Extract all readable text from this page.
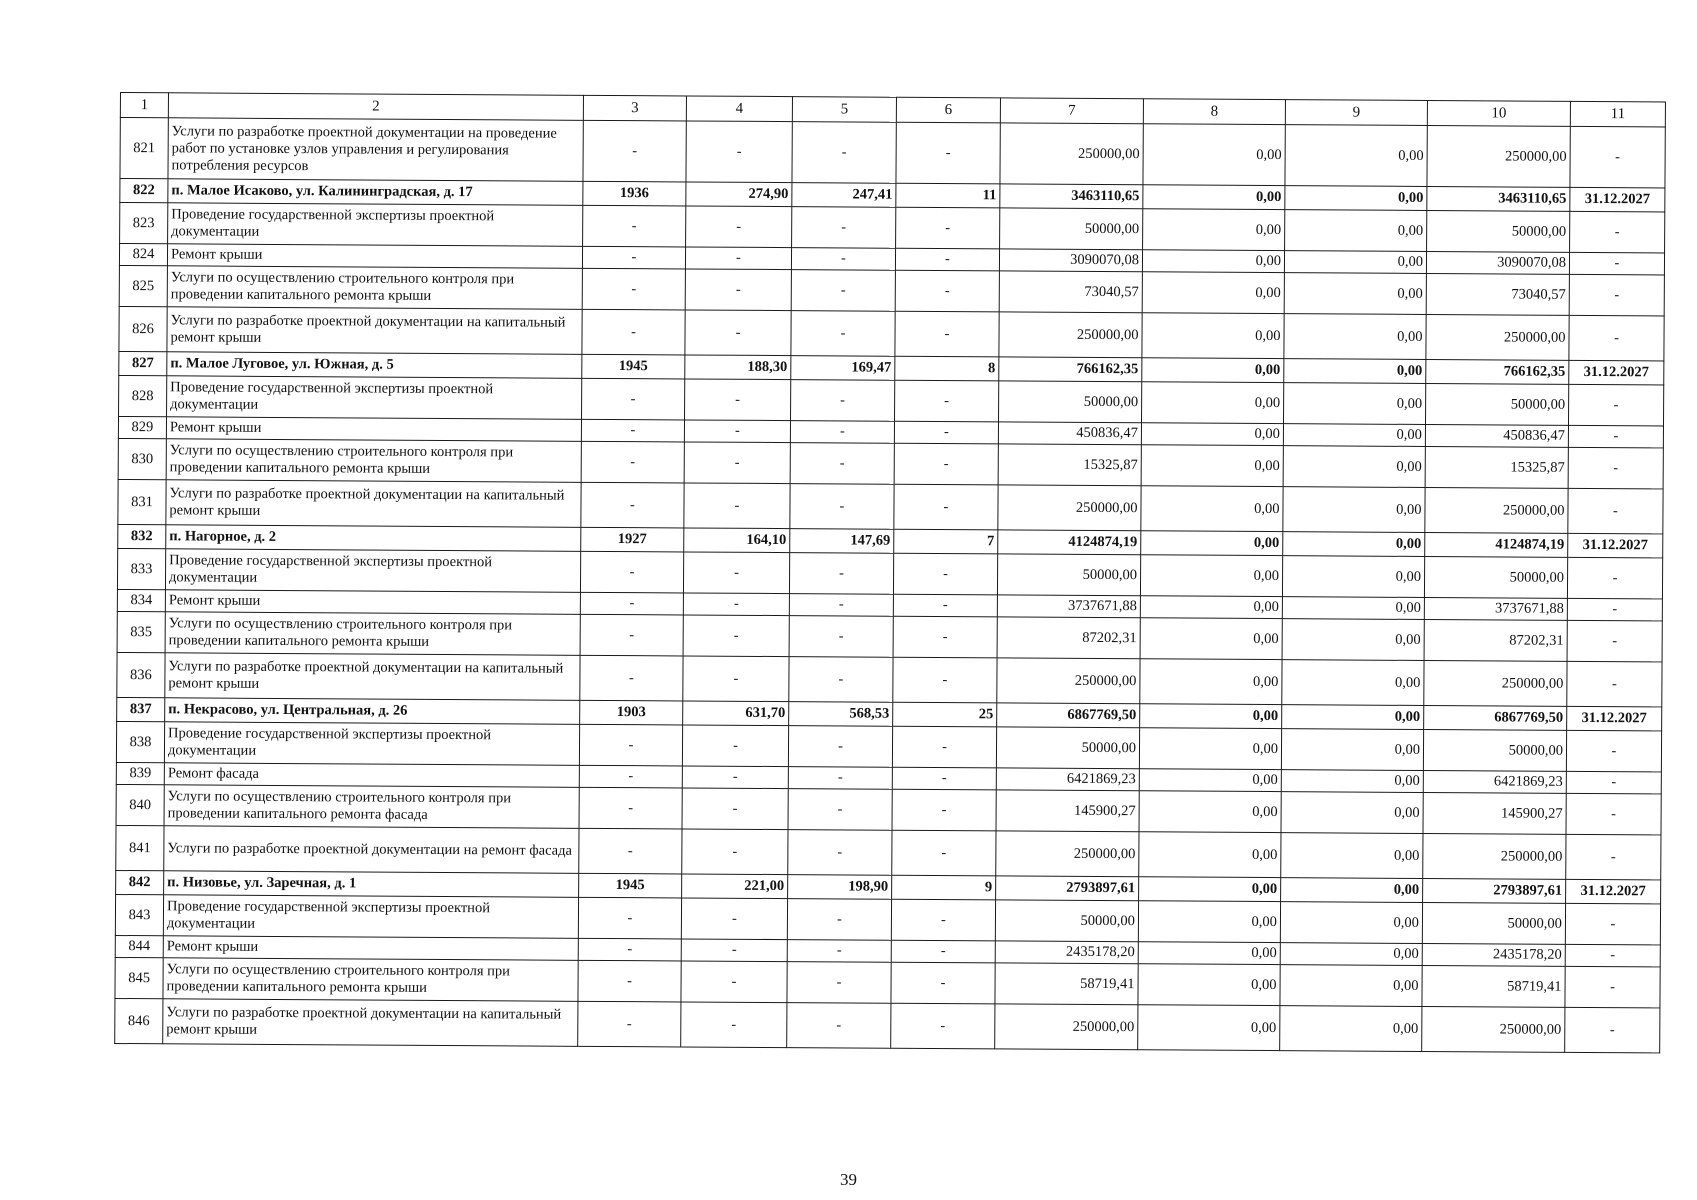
1	2	3	4	5	6	7	8	9	10	11
821	Услуги по разработке проектной документации на проведение работ по установке узлов управления и регулирования потребления ресурсов	-	-	-	-	250000,00	0,00	0,00	250000,00	-
822	п. Малое Исаково, ул. Калининградская, д. 17	1936	274,90	247,41	11	3463110,65	0,00	0,00	3463110,65	31.12.2027
823	Проведение государственной экспертизы проектной документации	-	-	-	-	50000,00	0,00	0,00	50000,00	-
824	Ремонт крыши	-	-	-	-	3090070,08	0,00	0,00	3090070,08	-
825	Услуги по осуществлению строительного контроля при проведении капитального ремонта крыши	-	-	-	-	73040,57	0,00	0,00	73040,57	-
826	Услуги по разработке проектной документации на капитальный ремонт крыши	-	-	-	-	250000,00	0,00	0,00	250000,00	-
827	п. Малое Луговое, ул. Южная, д. 5	1945	188,30	169,47	8	766162,35	0,00	0,00	766162,35	31.12.2027
828	Проведение государственной экспертизы проектной документации	-	-	-	-	50000,00	0,00	0,00	50000,00	-
829	Ремонт крыши	-	-	-	-	450836,47	0,00	0,00	450836,47	-
830	Услуги по осуществлению строительного контроля при проведении капитального ремонта крыши	-	-	-	-	15325,87	0,00	0,00	15325,87	-
831	Услуги по разработке проектной документации на капитальный ремонт крыши	-	-	-	-	250000,00	0,00	0,00	250000,00	-
832	п. Нагорное, д. 2	1927	164,10	147,69	7	4124874,19	0,00	0,00	4124874,19	31.12.2027
833	Проведение государственной экспертизы проектной документации	-	-	-	-	50000,00	0,00	0,00	50000,00	-
834	Ремонт крыши	-	-	-	-	3737671,88	0,00	0,00	3737671,88	-
835	Услуги по осуществлению строительного контроля при проведении капитального ремонта крыши	-	-	-	-	87202,31	0,00	0,00	87202,31	-
836	Услуги по разработке проектной документации на капитальный ремонт крыши	-	-	-	-	250000,00	0,00	0,00	250000,00	-
837	п. Некрасово, ул. Центральная, д. 26	1903	631,70	568,53	25	6867769,50	0,00	0,00	6867769,50	31.12.2027
838	Проведение государственной экспертизы проектной документации	-	-	-	-	50000,00	0,00	0,00	50000,00	-
839	Ремонт фасада	-	-	-	-	6421869,23	0,00	0,00	6421869,23	-
840	Услуги по осуществлению строительного контроля при проведении капитального ремонта фасада	-	-	-	-	145900,27	0,00	0,00	145900,27	-
841	Услуги по разработке проектной документации на ремонт фасада	-	-	-	-	250000,00	0,00	0,00	250000,00	-
842	п. Низовье, ул. Заречная, д. 1	1945	221,00	198,90	9	2793897,61	0,00	0,00	2793897,61	31.12.2027
843	Проведение государственной экспертизы проектной документации	-	-	-	-	50000,00	0,00	0,00	50000,00	-
844	Ремонт крыши	-	-	-	-	2435178,20	0,00	0,00	2435178,20	-
845	Услуги по осуществлению строительного контроля при проведении капитального ремонта крыши	-	-	-	-	58719,41	0,00	0,00	58719,41	-
846	Услуги по разработке проектной документации на капитальный ремонт крыши	-	-	-	-	250000,00	0,00	0,00	250000,00	-
39
